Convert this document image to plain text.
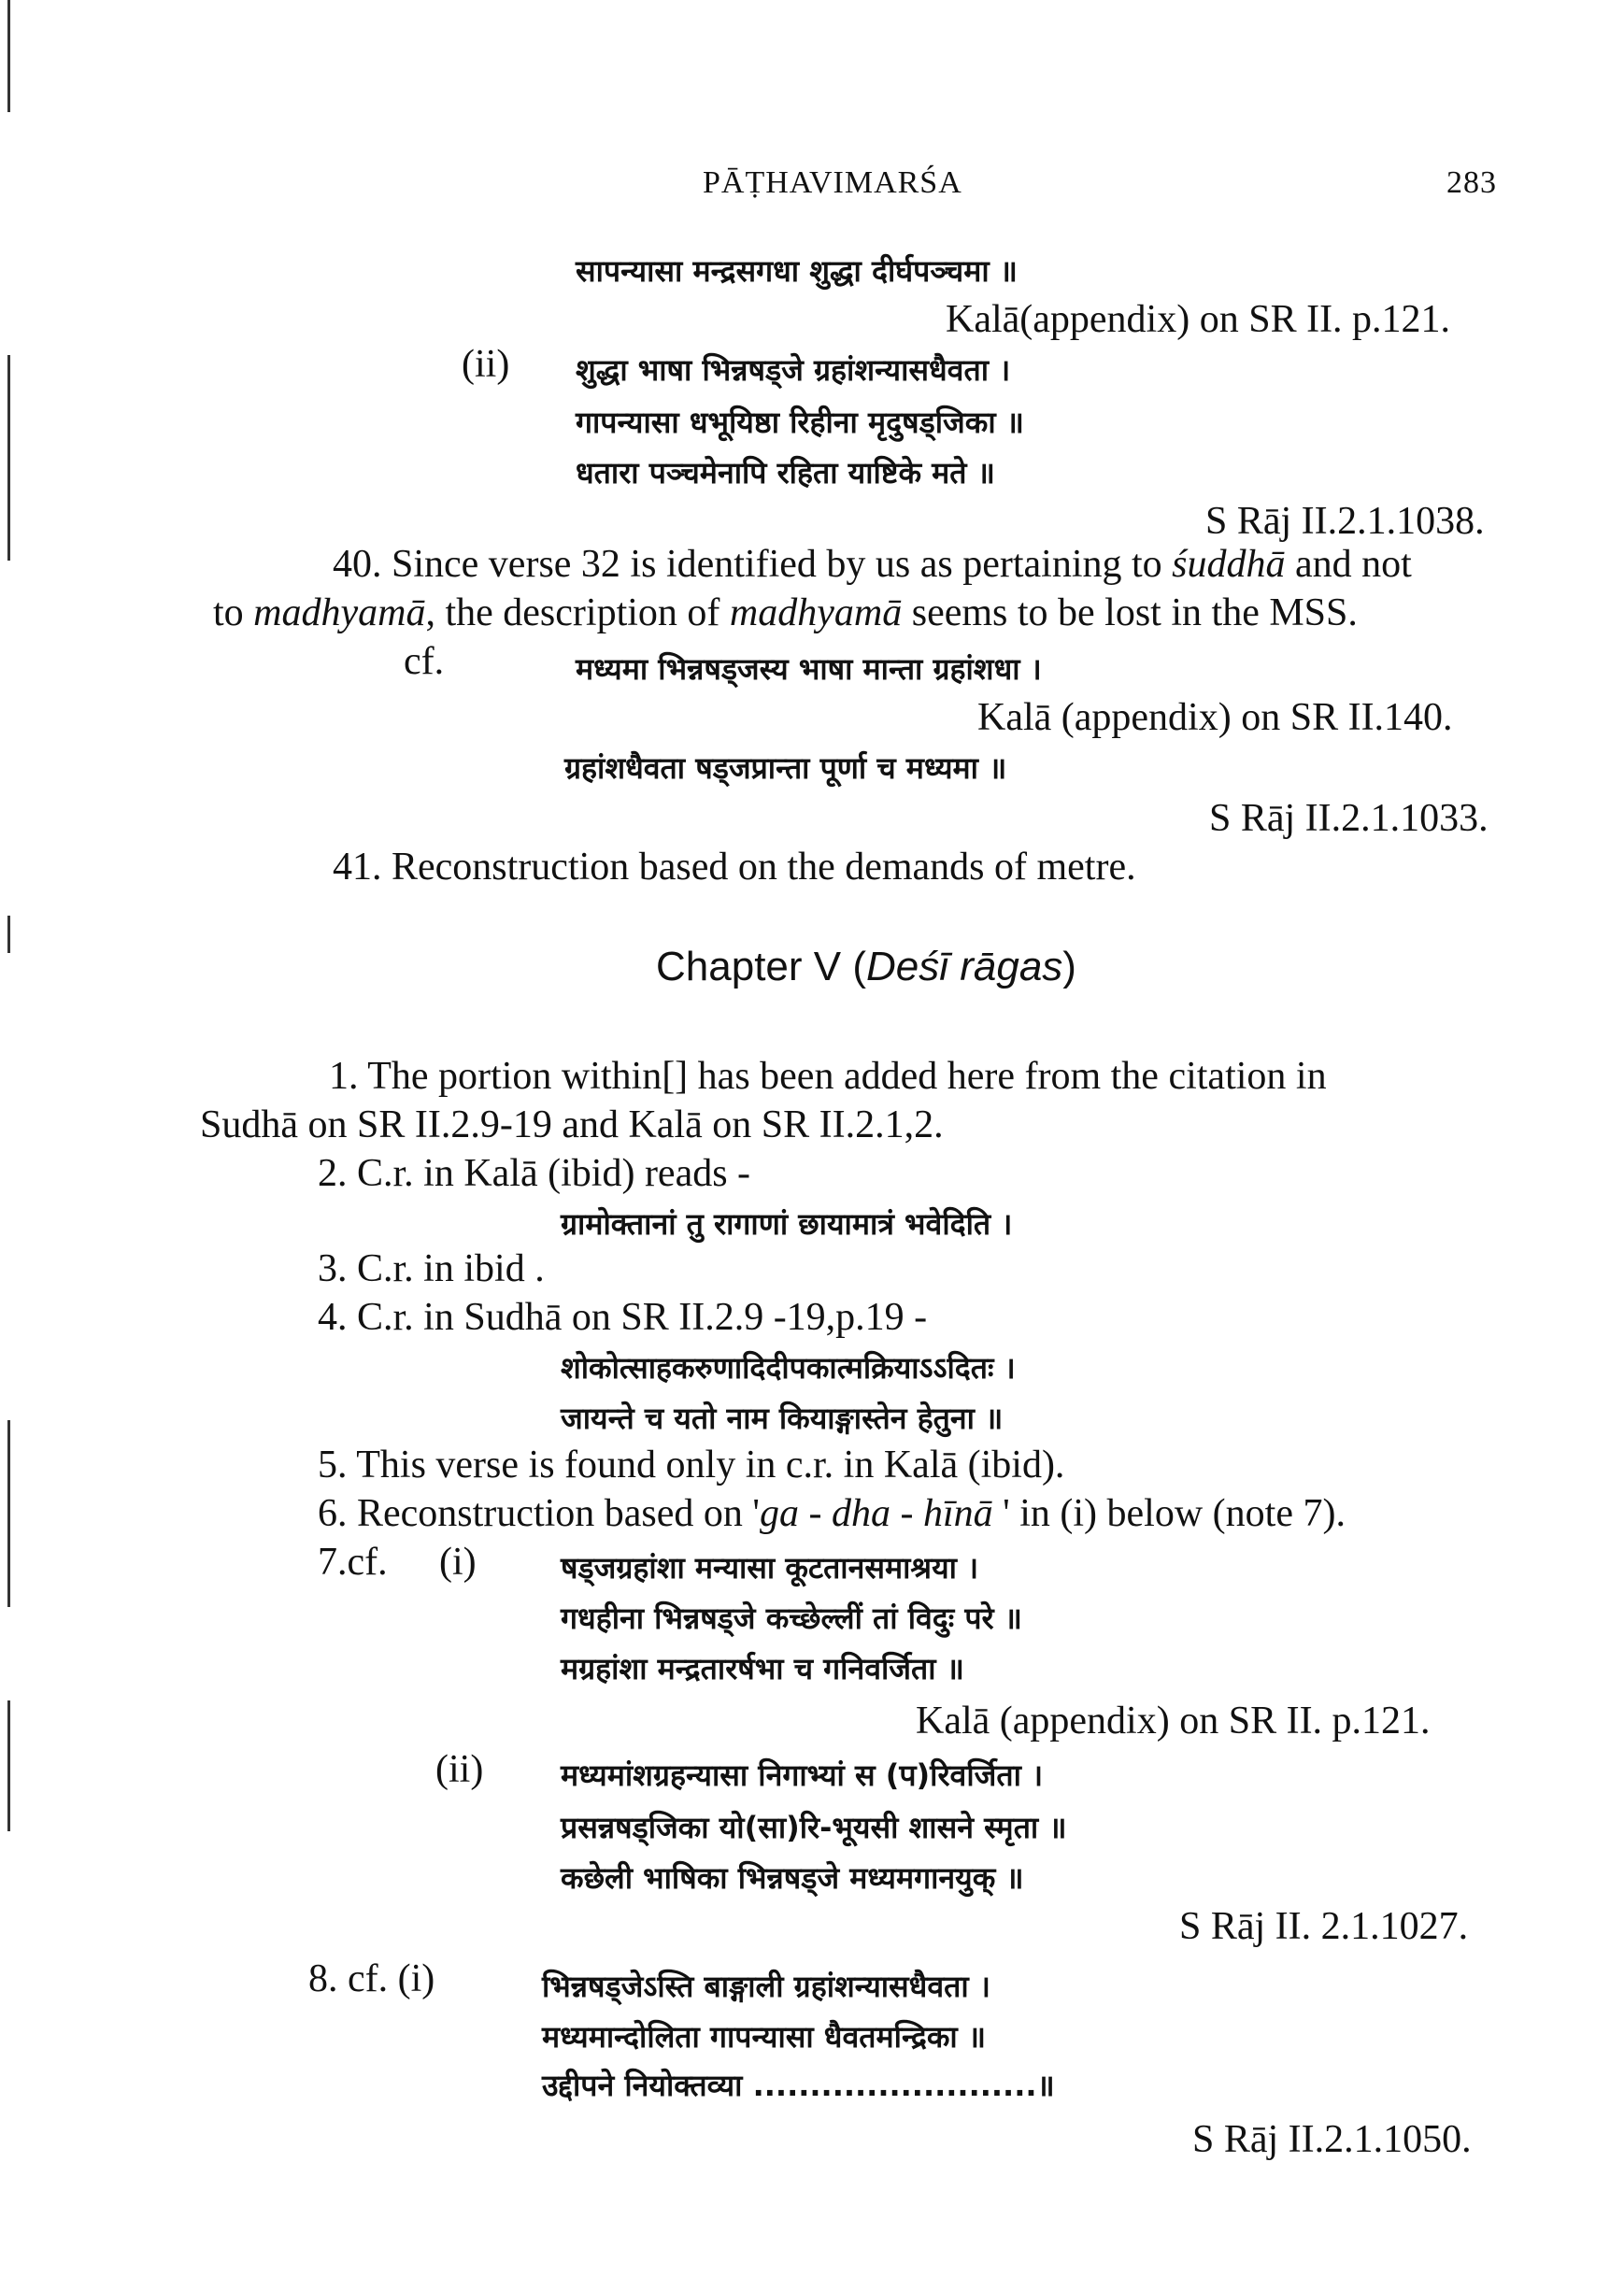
PĀṬHAVIMARŚA	283
सापन्यासा मन्द्रसगधा शुद्धा दीर्घपञ्चमा ॥
Kalā(appendix) on SR II. p.121.
(ii) शुद्धा भाषा भिन्नषड्जे ग्रहांशन्यासधैवता ।
गापन्यासा धभूयिष्ठा रिहीना मृदुषड्जिका ॥
धतारा पञ्चमेनापि रहिता याष्टिके मते ॥
S Rāj II.2.1.1038.
40. Since verse 32 is identified by us as pertaining to śuddhā and not
to madhyamā, the description of madhyamā seems to be lost in the MSS.
cf.	मध्यमा भिन्नषड्जस्य भाषा मान्ता ग्रहांशधा ।
Kalā (appendix) on SR II.140.
ग्रहांशधैवता षड्जप्रान्ता पूर्णा च मध्यमा ॥
S Rāj II.2.1.1033.
41. Reconstruction based on the demands of metre.
Chapter V (Deśī rāgas)
1. The portion within[] has been added here from the citation in
Sudhā on SR II.2.9-19 and Kalā on SR II.2.1,2.
2. C.r. in Kalā (ibid) reads -
ग्रामोक्तानां तु रागाणां छायामात्रं भवेदिति ।
3. C.r. in ibid .
4. C.r. in Sudhā on SR II.2.9 -19,p.19 -
शोकोत्साहकरुणादिदीपकात्मक्रियाऽऽदितः ।
जायन्ते च यतो नाम कियाङ्गास्तेन हेतुना ॥
5. This verse is found only in c.r. in Kalā (ibid).
6. Reconstruction based on 'ga - dha - hīnā ' in (i) below (note 7).
7.cf. (i)	षड्जग्रहांशा मन्यासा कूटतानसमाश्रया ।
गधहीना भिन्नषड्जे कच्छेल्लीं तां विदुः परे ॥
मग्रहांशा मन्द्रतारर्षभा च गनिवर्जिता ॥
Kalā (appendix) on SR II. p.121.
(ii)	मध्यमांशग्रहन्यासा निगाभ्यां स (प)रिवर्जिता ।
प्रसन्नषड्जिका यो(सा)रि-भूयसी शासने स्मृता ॥
कछेली भाषिका भिन्नषड्जे मध्यमगानयुक् ॥
S Rāj II. 2.1.1027.
8. cf. (i)	भिन्नषड्जेऽस्ति बाङ्गाली ग्रहांशन्यासधैवता ।
मध्यमान्दोलिता गापन्यासा धैवतमन्द्रिका ॥
उद्दीपने नियोक्तव्या .........................॥
S Rāj II.2.1.1050.
